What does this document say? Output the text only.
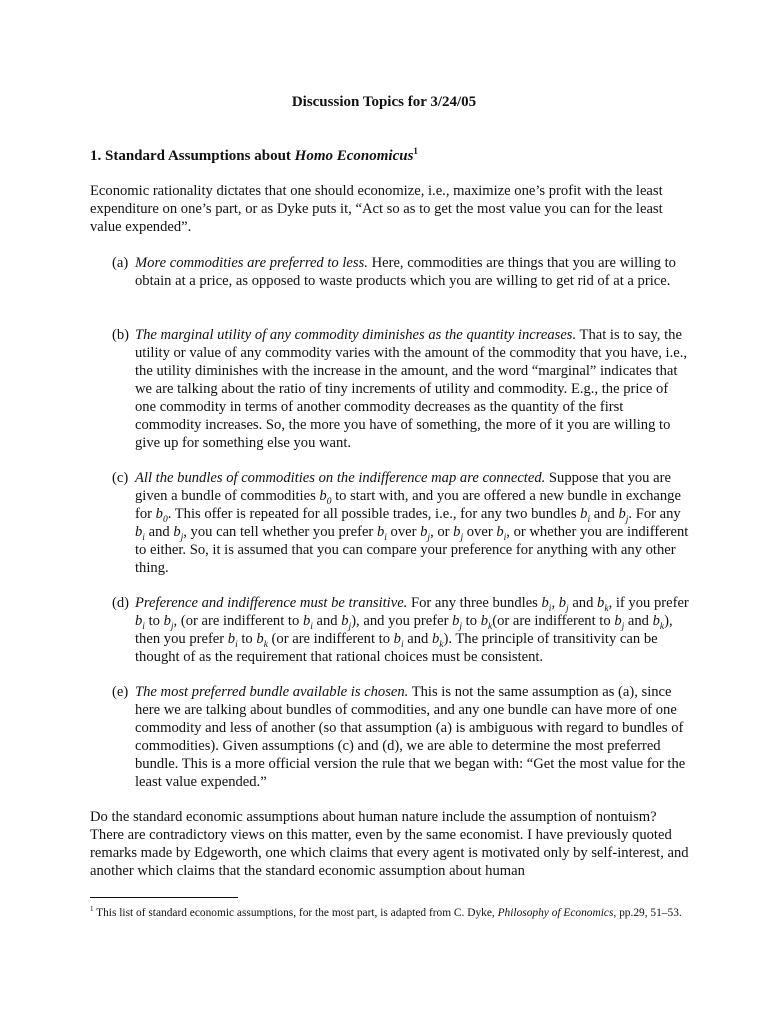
Discussion Topics for 3/24/05
1. Standard Assumptions about Homo Economicus$^1$

Economic rationality dictates that one should economize, i.e., maximize one’s profit with the least expenditure on one’s part, or as Dyke puts it, “Act so as to get the most value you can for the least value expended”.

(a) More commodities are preferred to less. Here, commodities are things that you are willing to obtain at a price, as opposed to waste products which you are willing to get rid of at a price.
(b) The marginal utility of any commodity diminishes as the quantity increases. That is to say, the utility or value of any commodity varies with the amount of the commodity that you have, i.e., the utility diminishes with the increase in the amount, and the word “marginal” indicates that we are talking about the ratio of tiny increments of utility and commodity. E.g., the price of one commodity in terms of another commodity decreases as the quantity of the first commodity increases. So, the more you have of something, the more of it you are willing to give up for something else you want.
(c) All the bundles of commodities on the indifference map are connected. Suppose that you are given a bundle of commodities $b_0$ to start with, and you are offered a new bundle in exchange for $b_0$. This offer is repeated for all possible trades, i.e., for any two bundles $b_i$ and $b_j$. For any $b_i$ and $b_j$, you can tell whether you prefer $b_i$ over $b_j$, or $b_j$ over $b_i$, or whether you are indifferent to either. So, it is assumed that you can compare your preference for anything with any other thing.
(d) Preference and indifference must be transitive. For any three bundles $b_i$, $b_j$ and $b_k$, if you prefer $b_i$ to $b_j$, (or are indifferent to $b_i$ and $b_j$), and you prefer $b_j$ to $b_k(or$ are indifferent to $b_j$ and $b_k$), then you prefer $b_i$ to $b_k$ (or are indifferent to $b_i$ and $b_k$). The principle of transitivity can be thought of as the requirement that rational choices must be consistent.
(e) The most preferred bundle available is chosen. This is not the same assumption as (a), since here we are talking about bundles of commodities, and any one bundle can have more of one commodity and less of another (so that assumption (a) is ambiguous with regard to bundles of commodities). Given assumptions (c) and (d), we are able to determine the most preferred bundle. This is a more official version the rule that we began with: “Get the most value for the least value expended.”

Do the standard economic assumptions about human nature include the assumption of nontuism? There are contradictory views on this matter, even by the same economist. I have previously quoted remarks made by Edgeworth, one which claims that every agent is motivated only by self-interest, and another which claims that the standard economic assumption about human

$^1$ This list of standard economic assumptions, for the most part, is adapted from C. Dyke, Philosophy of Economics, pp.29, 51–53.
